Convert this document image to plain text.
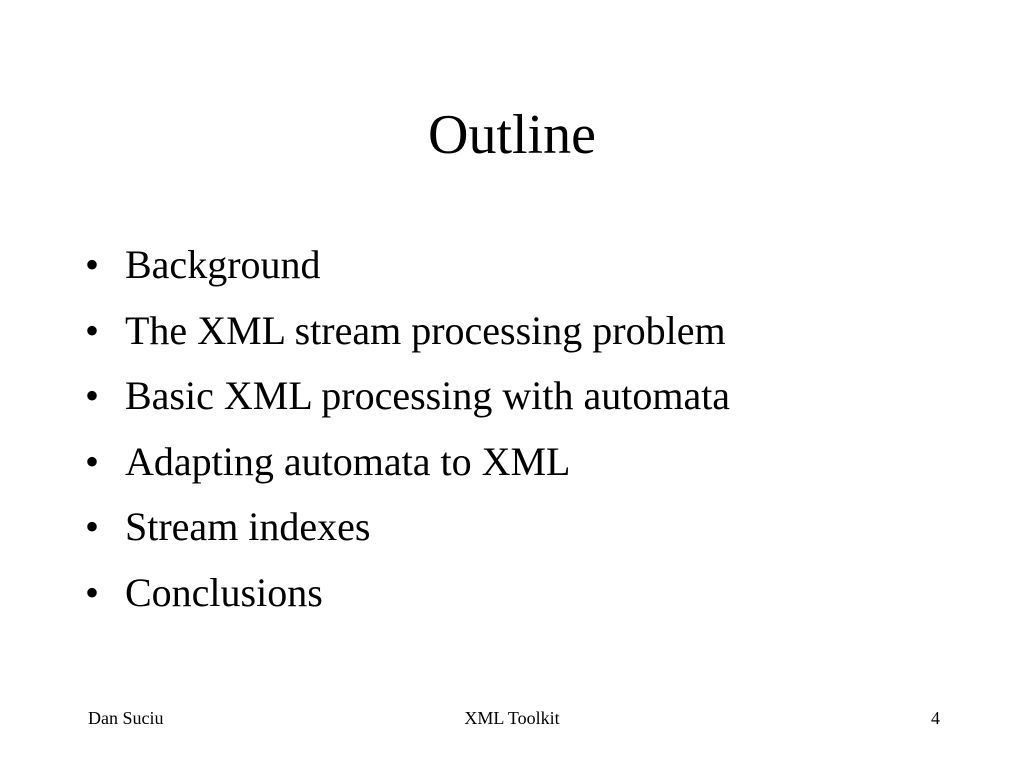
Outline
• Background
• The XML stream processing problem
• Basic XML processing with automata
• Adapting automata to XML
• Stream indexes
• Conclusions
Dan Suciu	XML Toolkit	4
